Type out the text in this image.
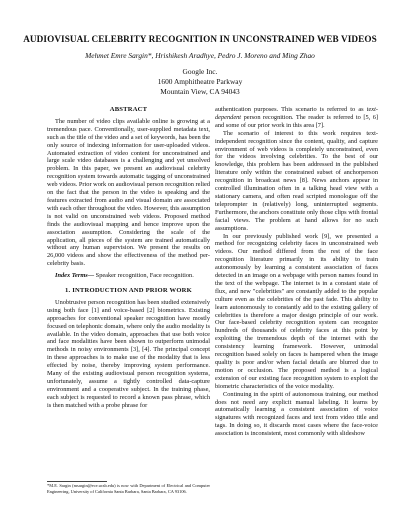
AUDIOVISUAL CELEBRITY RECOGNITION IN UNCONSTRAINED WEB VIDEOS
Mehmet Emre Sargin*, Hrishikesh Aradhye, Pedro J. Moreno and Ming Zhao
Google Inc.
1600 Amphitheatre Parkway
Mountain View, CA 94043
ABSTRACT

The number of video clips available online is growing at a tremendous pace. Conventionally, user-supplied metadata text, such as the title of the video and a set of keywords, has been the only source of indexing information for user-uploaded videos. Automated extraction of video content for unconstrained and large scale video databases is a challenging and yet unsolved problem. In this paper, we present an audiovisual celebrity recognition system towards automatic tagging of unconstrained web videos. Prior work on audiovisual person recognition relied on the fact that the person in the video is speaking and the features extracted from audio and visual domain are associated with each other throughout the video. However, this assumption is not valid on unconstrained web videos. Proposed method finds the audiovisual mapping and hence improve upon the association assumption. Considering the scale of the application, all pieces of the system are trained automatically without any human supervision. We present the results on 26,000 videos and show the effectiveness of the method per-celebrity basis.

Index Terms— Speaker recognition, Face recognition.

1. INTRODUCTION AND PRIOR WORK

Unobtrusive person recognition has been studied extensively using both face [1] and voice-based [2] biometrics. Existing approaches for conventional speaker recognition have mostly focused on telephonic domain, where only the audio modality is available. In the video domain, approaches that use both voice and face modalities have been shown to outperform unimodal methods in noisy environments [3], [4]. The principal concept in these approaches is to make use of the modality that is less effected by noise, thereby improving system performance. Many of the existing audiovisual person recognition systems, unfortunately, assume a tightly controlled data-capture environment and a cooperative subject. In the training phase, each subject is requested to record a known pass phrase, which is then matched with a probe phrase for

authentication purposes. This scenario is referred to as text-dependent person recognition. The reader is referred to [5, 6] and some of our prior work in this area [7].

The scenario of interest to this work requires text-independent recognition since the content, quality, and capture environment of web videos is completely unconstrained, even for the videos involving celebrities. To the best of our knowledge, this problem has been addressed in the published literature only within the constrained subset of anchorperson recognition in broadcast news [8]. News anchors appear in controlled illumination often in a talking head view with a stationary camera, and often read scripted monologue off the teleprompter in (relatively) long, uninterrupted segments. Furthermore, the anchors constitute only those clips with frontal facial views. The problem at hand allows for no such assumptions.

In our previously published work [9], we presented a method for recognizing celebrity faces in unconstrained web videos. Our method differed from the rest of the face recognition literature primarily in its ability to train autonomously by learning a consistent association of faces detected in an image on a webpage with person names found in the text of the webpage. The internet is in a constant state of flux, and new "celebrities" are constantly added to the popular culture even as the celebrities of the past fade. This ability to learn autonomously to constantly add to the existing gallery of celebrities is therefore a major design principle of our work. Our face-based celebrity recognition system can recognize hundreds of thousands of celebrity faces at this point by exploiting the tremendous depth of the internet with the consistency learning framework. However, unimodal recognition based solely on faces is hampered when the image quality is poor and/or when facial details are blurred due to motion or occlusion. The proposed method is a logical extension of our existing face recognition system to exploit the biometric characteristics of the voice modality.

Continuing in the spirit of autonomous training, our method does not need any explicit manual labeling. It learns by automatically learning a consistent association of voice signatures with recognized faces and text from video title and tags. In doing so, it discards most cases where the face-voice association is inconsistent, most commonly with slideshow

*M.E. Sargin (msargin@ece.ucsb.edu) is now with Department of Electrical and Computer Engineering, University of California Santa Barbara, Santa Barbara, CA 93106.
